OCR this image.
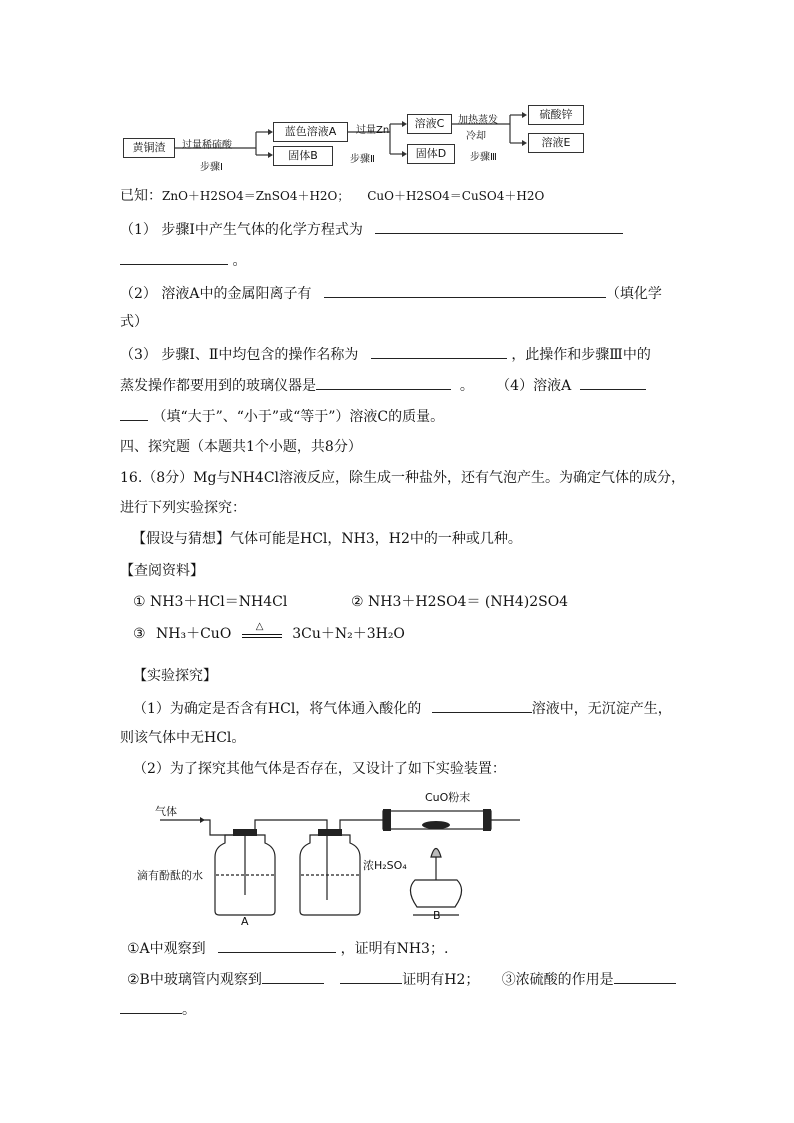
黄铜渣	过量稀硫酸
步骤Ⅰ
蓝色溶液A
固体B
过量Zn
步骤Ⅱ
溶液C
固体D
加热蒸发
冷却
步骤Ⅲ
硫酸锌
溶液E
已知：ZnO＋H2SO4＝ZnSO4＋H2O； CuO＋H2SO4＝CuSO4＋H2O
（1） 步骤Ⅰ中产生气体的化学方程式为
。
（2） 溶液A中的金属阳离子有	（填化学
式）
（3） 步骤Ⅰ、Ⅱ中均包含的操作名称为	，此操作和步骤Ⅲ中的
蒸发操作都要用到的玻璃仪器是	。 （4）溶液A
（填“大于”、“小于”或“等于”）溶液C的质量。
四、探究题（本题共1个小题，共8分）
16.（8分）Mg与NH4Cl溶液反应，除生成一种盐外，还有气泡产生。为确定气体的成分，
进行下列实验探究：
【假设与猜想】气体可能是HCl，NH3，H2中的一种或几种。
【查阅资料】
① NH3＋HCl＝NH4Cl	② NH3＋H2SO4＝ (NH4)2SO4
③ NH₃＋CuO △ 3Cu＋N₂＋3H₂O
【实验探究】
（1）为确定是否含有HCl，将气体通入酸化的	溶液中，无沉淀产生，
则该气体中无HCl。
（2）为了探究其他气体是否存在，又设计了如下实验装置：
气体
CuO粉末
滴有酚酞的水
浓H₂SO₄
A	B
①A中观察到	，证明有NH3；.
②B中玻璃管内观察到	证明有H2； ③浓硫酸的作用是
。
